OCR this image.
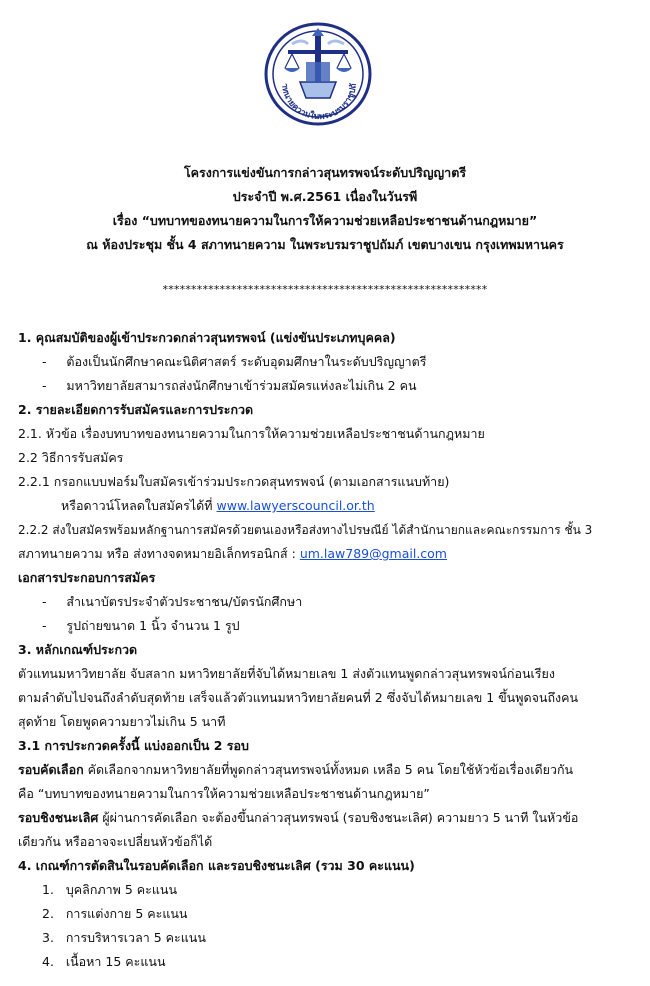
าทนายความในพระบรมราชูปถั
โครงการแข่งขันการกล่าวสุนทรพจน์ระดับปริญญาตรี
ประจำปี พ.ศ.2561 เนื่องในวันรพี
เรื่อง “บทบาทของทนายความในการให้ความช่วยเหลือประชาชนด้านกฎหมาย”
ณ ห้องประชุม ชั้น 4 สภาทนายความ ในพระบรมราชูปถัมภ์ เขตบางเขน กรุงเทพมหานคร
*********************************************************
1. คุณสมบัติของผู้เข้าประกวดกล่าวสุนทรพจน์ (แข่งขันประเภทบุคคล)
-     ต้องเป็นนักศึกษาคณะนิติศาสตร์ ระดับอุดมศึกษาในระดับปริญญาตรี
-     มหาวิทยาลัยสามารถส่งนักศึกษาเข้าร่วมสมัครแห่งละไม่เกิน 2 คน
2. รายละเอียดการรับสมัครและการประกวด
2.1. หัวข้อ เรื่องบทบาทของทนายความในการให้ความช่วยเหลือประชาชนด้านกฎหมาย
2.2 วิธีการรับสมัคร
2.2.1 กรอกแบบฟอร์มใบสมัครเข้าร่วมประกวดสุนทรพจน์ (ตามเอกสารแนบท้าย)
หรือดาวน์โหลดใบสมัครได้ที่ www.lawyerscouncil.or.th
2.2.2 ส่งใบสมัครพร้อมหลักฐานการสมัครด้วยตนเองหรือส่งทางไปรษณีย์ ได้สำนักนายกและคณะกรรมการ ชั้น 3
สภาทนายความ หรือ ส่งทางจดหมายอิเล็กทรอนิกส์ : um.law789@gmail.com
เอกสารประกอบการสมัคร
-     สำเนาบัตรประจำตัวประชาชน/บัตรนักศึกษา
-     รูปถ่ายขนาด 1 นิ้ว จำนวน 1 รูป
3. หลักเกณฑ์ประกวด
ตัวแทนมหาวิทยาลัย จับสลาก มหาวิทยาลัยที่จับได้หมายเลข 1 ส่งตัวแทนพูดกล่าวสุนทรพจน์ก่อนเรียง
ตามลำดับไปจนถึงลำดับสุดท้าย เสร็จแล้วตัวแทนมหาวิทยาลัยคนที่ 2 ซึ่งจับได้หมายเลข 1 ขึ้นพูดจนถึงคน
สุดท้าย โดยพูดความยาวไม่เกิน 5 นาที
3.1 การประกวดครั้งนี้ แบ่งออกเป็น 2 รอบ
รอบคัดเลือก คัดเลือกจากมหาวิทยาลัยที่พูดกล่าวสุนทรพจน์ทั้งหมด เหลือ 5 คน โดยใช้หัวข้อเรื่องเดียวกัน
คือ “บทบาทของทนายความในการให้ความช่วยเหลือประชาชนด้านกฎหมาย”
รอบชิงชนะเลิศ ผู้ผ่านการคัดเลือก จะต้องขึ้นกล่าวสุนทรพจน์ (รอบชิงชนะเลิศ) ความยาว 5 นาที ในหัวข้อ
เดียวกัน หรืออาจจะเปลี่ยนหัวข้อก็ได้
4. เกณฑ์การตัดสินในรอบคัดเลือก และรอบชิงชนะเลิศ (รวม 30 คะแนน)
1. บุคลิกภาพ 5 คะแนน
2. การแต่งกาย 5 คะแนน
3. การบริหารเวลา 5 คะแนน
4. เนื้อหา 15 คะแนน
